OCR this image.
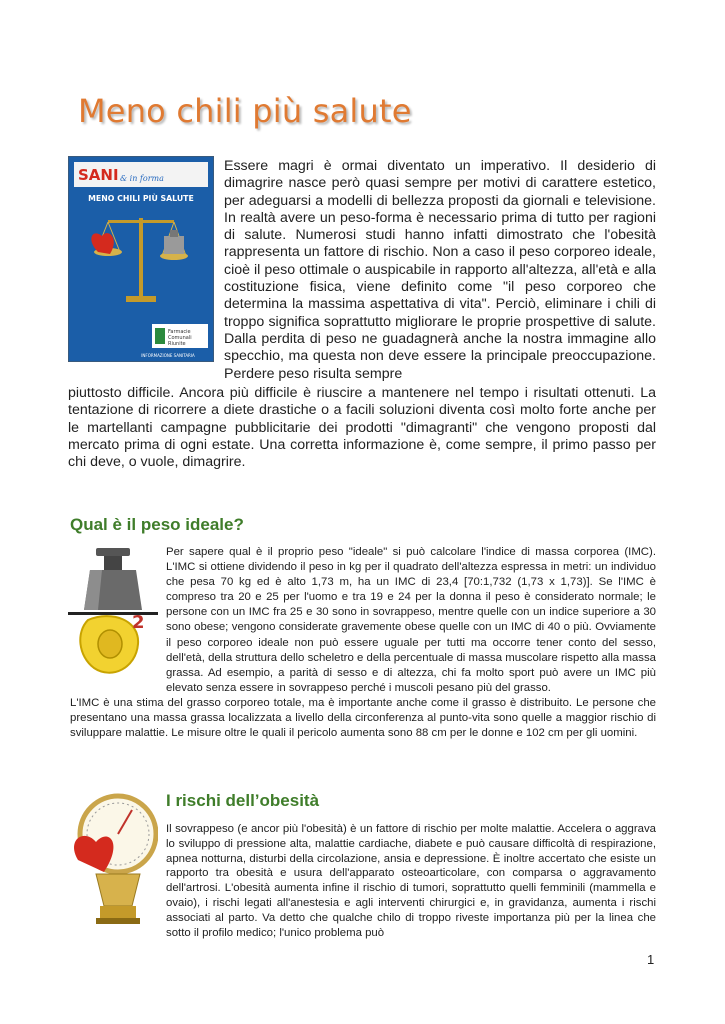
Meno chili più salute
SANI & in forma
MENO CHILI PIÙ SALUTE
Farmacie
Comunali
Riunite
INFORMAZIONE SANITARIA

Essere magri è ormai diventato un imperativo. Il desiderio di dimagrire nasce però quasi sempre per motivi di carattere estetico, per adeguarsi a modelli di bellezza proposti da giornali e televisione. In realtà avere un peso-forma è necessario prima di tutto per ragioni di salute. Numerosi studi hanno infatti dimostrato che l'obesità rappresenta un fattore di rischio. Non a caso il peso corporeo ideale, cioè il peso ottimale o auspicabile in rapporto all'altezza, all'età e alla costituzione fisica, viene definito come "il peso corporeo che determina la massima aspettativa di vita". Perciò, eliminare i chili di troppo significa soprattutto migliorare le proprie prospettive di salute. Dalla perdita di peso ne guadagnerà anche la nostra immagine allo specchio, ma questa non deve essere la principale preoccupazione. Perdere peso risulta sempre

piuttosto difficile. Ancora più difficile è riuscire a mantenere nel tempo i risultati ottenuti. La tentazione di ricorrere a diete drastiche o a facili soluzioni diventa così molto forte anche per le martellanti campagne pubblicitarie dei prodotti "dimagranti" che vengono proposti dal mercato prima di ogni estate. Una corretta informazione è, come sempre, il primo passo per chi deve, o vuole, dimagrire.

Qual è il peso ideale?
2

Per sapere qual è il proprio peso "ideale" si può calcolare l'indice di massa corporea (IMC). L'IMC si ottiene dividendo il peso in kg per il quadrato dell'altezza espressa in metri: un individuo che pesa 70 kg ed è alto 1,73 m, ha un IMC di 23,4 [70:1,732 (1,73 x 1,73)]. Se l'IMC è compreso tra 20 e 25 per l'uomo e tra 19 e 24 per la donna il peso è considerato normale; le persone con un IMC fra 25 e 30 sono in sovrappeso, mentre quelle con un indice superiore a 30 sono obese; vengono considerate gravemente obese quelle con un IMC di 40 o più. Ovviamente il peso corporeo ideale non può essere uguale per tutti ma occorre tener conto del sesso, dell'età, della struttura dello scheletro e della percentuale di massa muscolare rispetto alla massa grassa. Ad esempio, a parità di sesso e di altezza, chi fa molto sport può avere un IMC più elevato senza essere in sovrappeso perché i muscoli pesano più del grasso.

L'IMC è una stima del grasso corporeo totale, ma è importante anche come il grasso è distribuito. Le persone che presentano una massa grassa localizzata a livello della circonferenza al punto-vita sono quelle a maggior rischio di sviluppare malattie. Le misure oltre le quali il pericolo aumenta sono 88 cm per le donne e 102 cm per gli uomini.

I rischi dell’obesità

Il sovrappeso (e ancor più l'obesità) è un fattore di rischio per molte malattie. Accelera o aggrava lo sviluppo di pressione alta, malattie cardiache, diabete e può causare difficoltà di respirazione, apnea notturna, disturbi della circolazione, ansia e depressione. È inoltre accertato che esiste un rapporto tra obesità e usura dell'apparato osteoarticolare, con comparsa o aggravamento dell'artrosi. L'obesità aumenta infine il rischio di tumori, soprattutto quelli femminili (mammella e ovaio), i rischi legati all'anestesia e agli interventi chirurgici e, in gravidanza, aumenta i rischi associati al parto. Va detto che qualche chilo di troppo riveste importanza più per la linea che sotto il profilo medico; l'unico problema può

1
